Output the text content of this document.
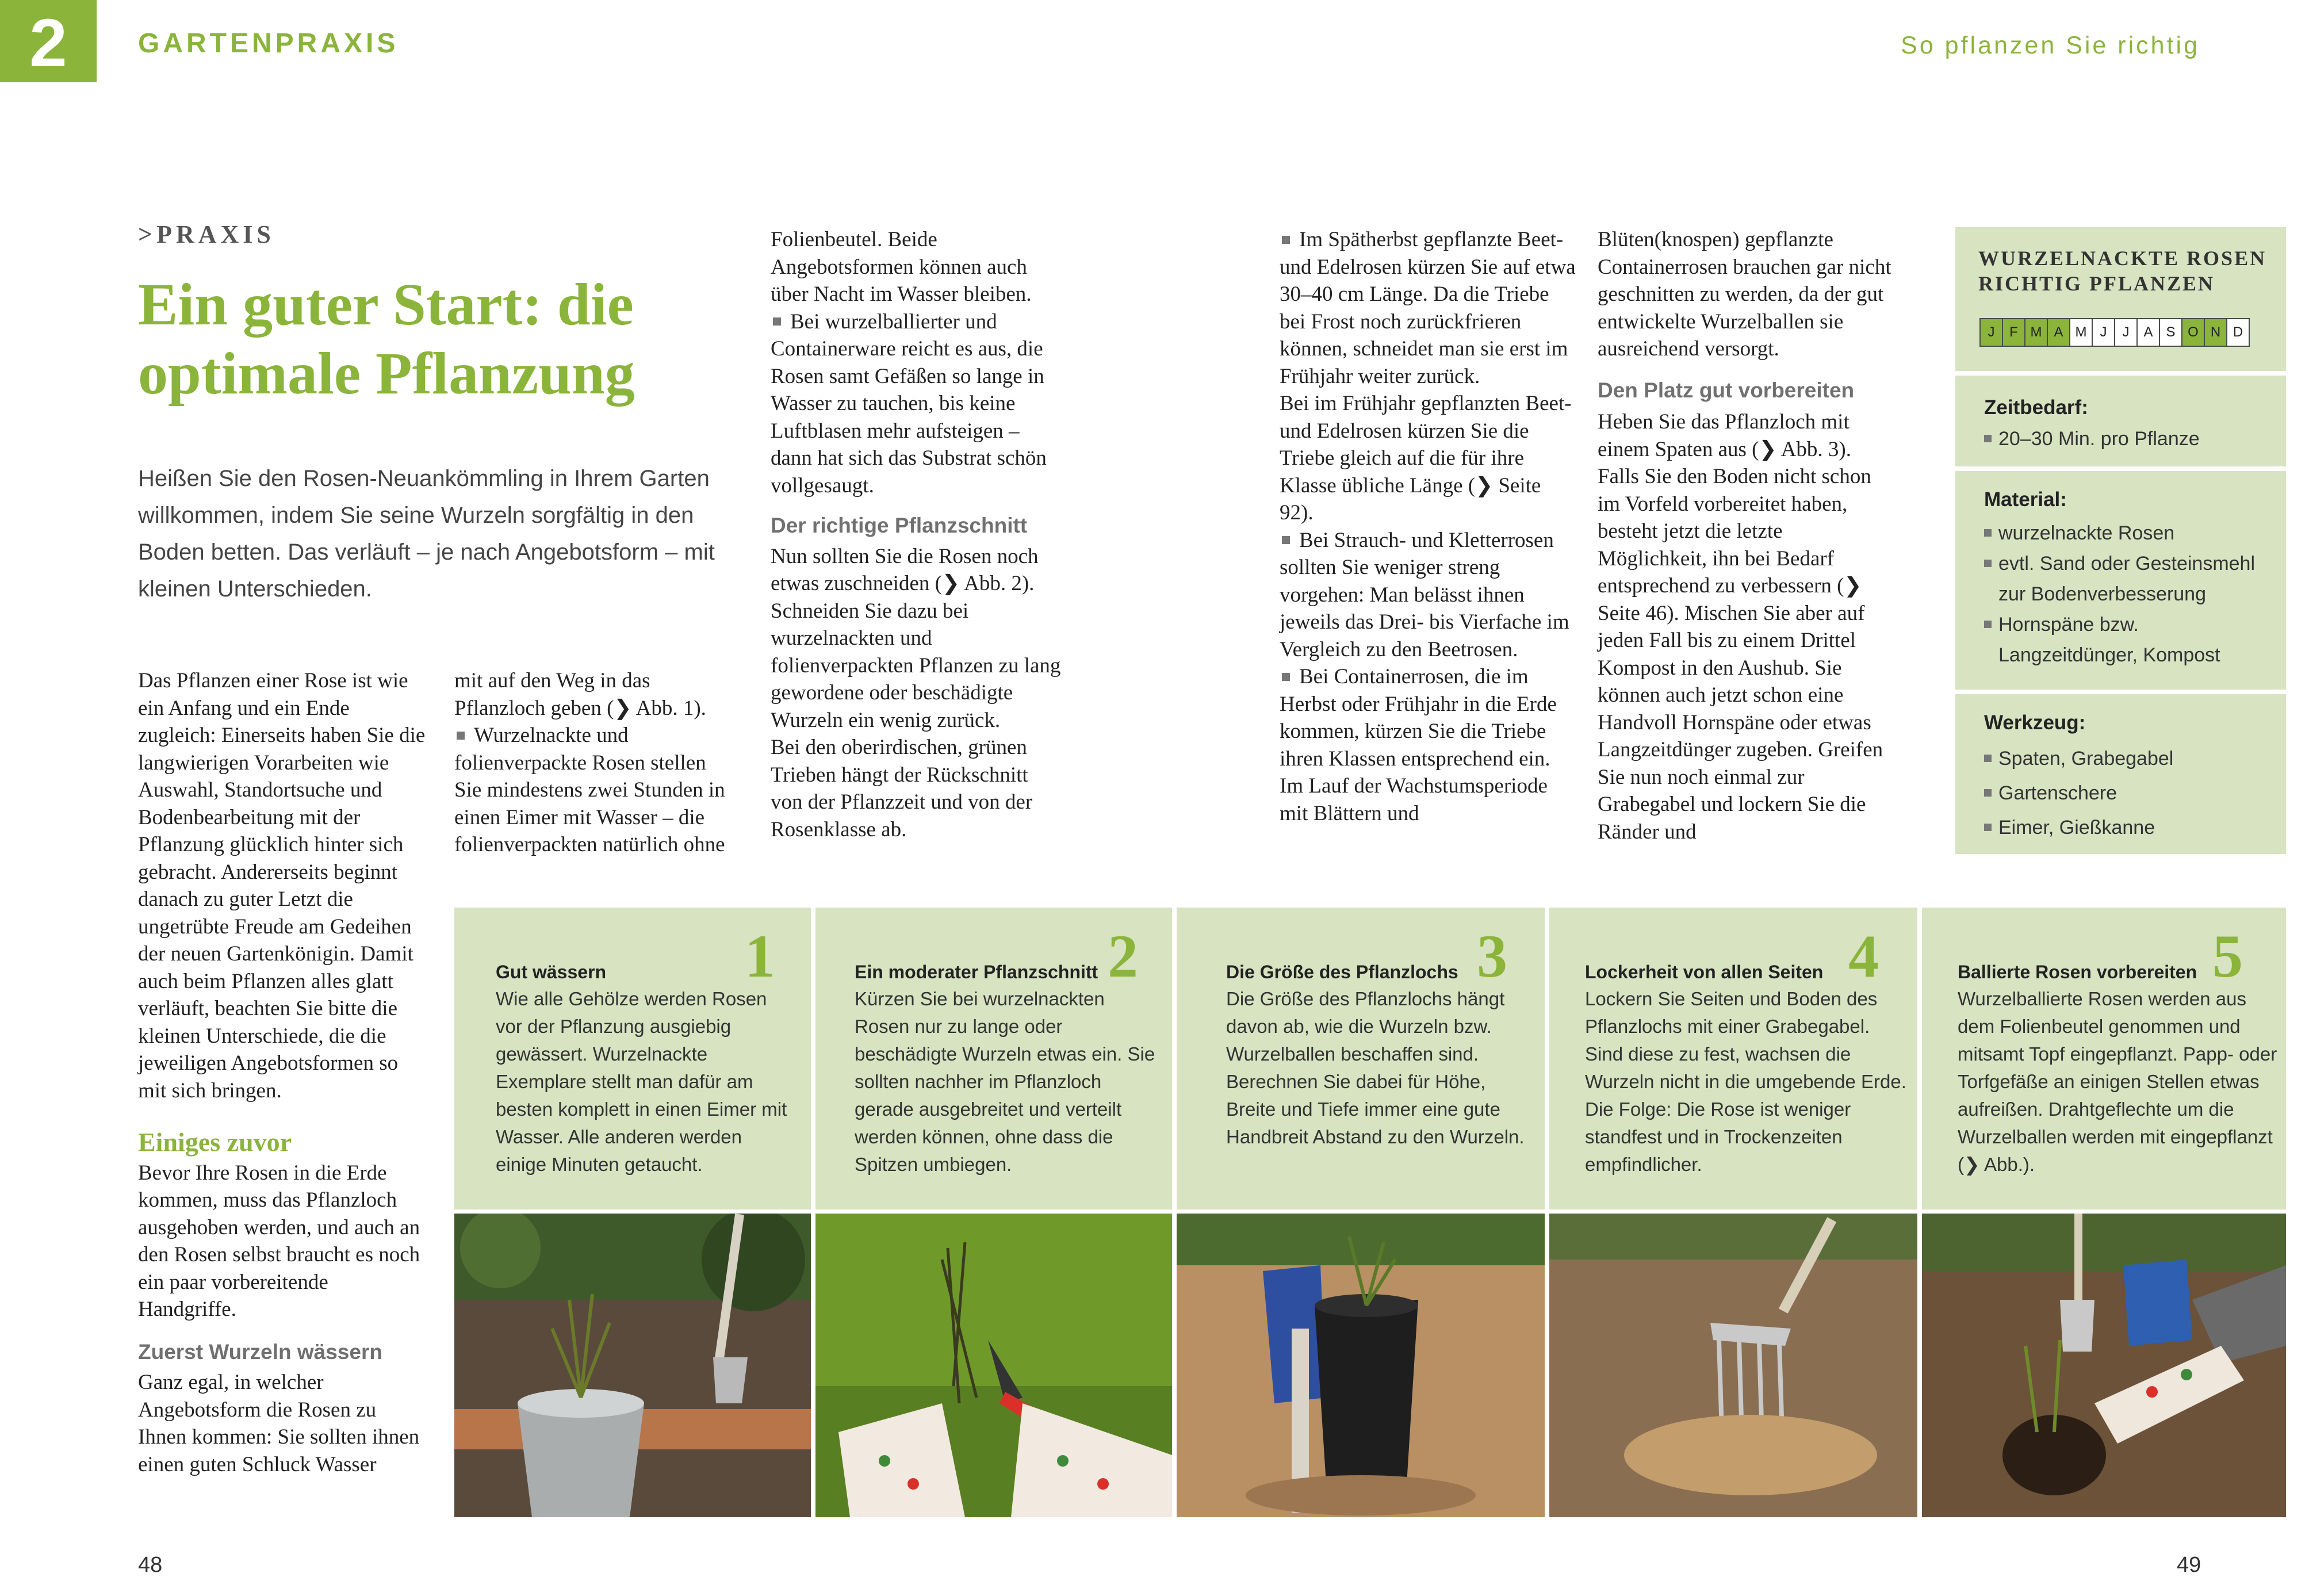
2	GARTENPRAXIS	So pflanzen Sie richtig
>PRAXIS
Ein guter Start: die
optimale Pflanzung
Heißen Sie den Rosen-Neuankömmling in Ihrem Garten willkommen, indem Sie seine Wurzeln sorgfältig in den Boden betten. Das verläuft – je nach Angebotsform – mit kleinen Unterschieden.

Das Pflanzen einer Rose ist wie ein Anfang und ein Ende zugleich: Einerseits haben Sie die langwierigen Vorarbeiten wie Auswahl, Standortsuche und Bodenbearbeitung mit der Pflanzung glücklich hinter sich gebracht. Andererseits beginnt danach zu guter Letzt die ungetrübte Freude am Gedeihen der neuen Gartenkönigin. Damit auch beim Pflanzen alles glatt verläuft, beachten Sie bitte die kleinen Unterschiede, die die jeweiligen Angebotsformen so mit sich bringen.

Einiges zuvor

Bevor Ihre Rosen in die Erde kommen, muss das Pflanzloch ausgehoben werden, und auch an den Rosen selbst braucht es noch ein paar vorbereitende Handgriffe.

Zuerst Wurzeln wässern

Ganz egal, in welcher Angebotsform die Rosen zu Ihnen kommen: Sie sollten ihnen einen guten Schluck Wasser

mit auf den Weg in das Pflanzloch geben (❯ Abb. 1).

Wurzelnackte und folienverpackte Rosen stellen Sie mindestens zwei Stunden in einen Eimer mit Wasser – die folienverpackten natürlich ohne

Folienbeutel. Beide Angebotsformen können auch über Nacht im Wasser bleiben.

Bei wurzelballierter und Containerware reicht es aus, die Rosen samt Gefäßen so lange in Wasser zu tauchen, bis keine Luftblasen mehr aufsteigen – dann hat sich das Substrat schön vollgesaugt.

Der richtige Pflanzschnitt

Nun sollten Sie die Rosen noch etwas zuschneiden (❯ Abb. 2). Schneiden Sie dazu bei wurzelnackten und folienverpackten Pflanzen zu lang gewordene oder beschädigte Wurzeln ein wenig zurück.

Bei den oberirdischen, grünen Trieben hängt der Rückschnitt von der Pflanzzeit und von der Rosenklasse ab.

Im Spätherbst gepflanzte Beet- und Edelrosen kürzen Sie auf etwa 30–40 cm Länge. Da die Triebe bei Frost noch zurückfrieren können, schneidet man sie erst im Frühjahr weiter zurück.

Bei im Frühjahr gepflanzten Beet- und Edelrosen kürzen Sie die Triebe gleich auf die für ihre Klasse übliche Länge (❯ Seite 92).

Bei Strauch- und Kletterrosen sollten Sie weniger streng vorgehen: Man belässt ihnen jeweils das Drei- bis Vierfache im Vergleich zu den Beetrosen.

Bei Containerrosen, die im Herbst oder Frühjahr in die Erde kommen, kürzen Sie die Triebe ihren Klassen entsprechend ein. Im Lauf der Wachstumsperiode mit Blättern und

Blüten(knospen) gepflanzte Containerrosen brauchen gar nicht geschnitten zu werden, da der gut entwickelte Wurzelballen sie ausreichend versorgt.

Den Platz gut vorbereiten

Heben Sie das Pflanzloch mit einem Spaten aus (❯ Abb. 3). Falls Sie den Boden nicht schon im Vorfeld vorbereitet haben, besteht jetzt die letzte Möglichkeit, ihn bei Bedarf entsprechend zu verbessern (❯ Seite 46). Mischen Sie aber auf jeden Fall bis zu einem Drittel Kompost in den Aushub. Sie können auch jetzt schon eine Handvoll Hornspäne oder etwas Langzeitdünger zugeben. Greifen Sie nun noch einmal zur Grabegabel und lockern Sie die Ränder und

WURZELNACKTE ROSEN
RICHTIG PFLANZEN
J	F M A M J	J	A S O N D
Zeitbedarf:
20–30 Min. pro Pflanze
Material:
wurzelnackte Rosen
evtl. Sand oder Gesteinsmehl zur Bodenverbesserung
Hornspäne bzw. Langzeitdünger, Kompost
Werkzeug:
Spaten, Grabegabel
Gartenschere
Eimer, Gießkanne
1
Gut wässern
Wie alle Gehölze werden Rosen vor der Pflanzung ausgiebig gewässert. Wurzelnackte Exemplare stellt man dafür am besten komplett in einen Eimer mit Wasser. Alle anderen werden einige Minuten getaucht.
2
Ein moderater Pflanzschnitt
Kürzen Sie bei wurzelnackten Rosen nur zu lange oder beschädigte Wurzeln etwas ein. Sie sollten nachher im Pflanzloch gerade ausgebreitet und verteilt werden können, ohne dass die Spitzen umbiegen.
3
Die Größe des Pflanzlochs
Die Größe des Pflanzlochs hängt davon ab, wie die Wurzeln bzw. Wurzelballen beschaffen sind. Berechnen Sie dabei für Höhe, Breite und Tiefe immer eine gute Handbreit Abstand zu den Wurzeln.
4
Lockerheit von allen Seiten
Lockern Sie Seiten und Boden des Pflanzlochs mit einer Grabegabel. Sind diese zu fest, wachsen die Wurzeln nicht in die umgebende Erde. Die Folge: Die Rose ist weniger standfest und in Trockenzeiten empfindlicher.
5
Ballierte Rosen vorbereiten
Wurzelballierte Rosen werden aus dem Folienbeutel genommen und mitsamt Topf eingepflanzt. Papp- oder Torfgefäße an einigen Stellen etwas aufreißen. Drahtgeflechte um die Wurzelballen werden mit eingepflanzt (❯ Abb.).
48	49
